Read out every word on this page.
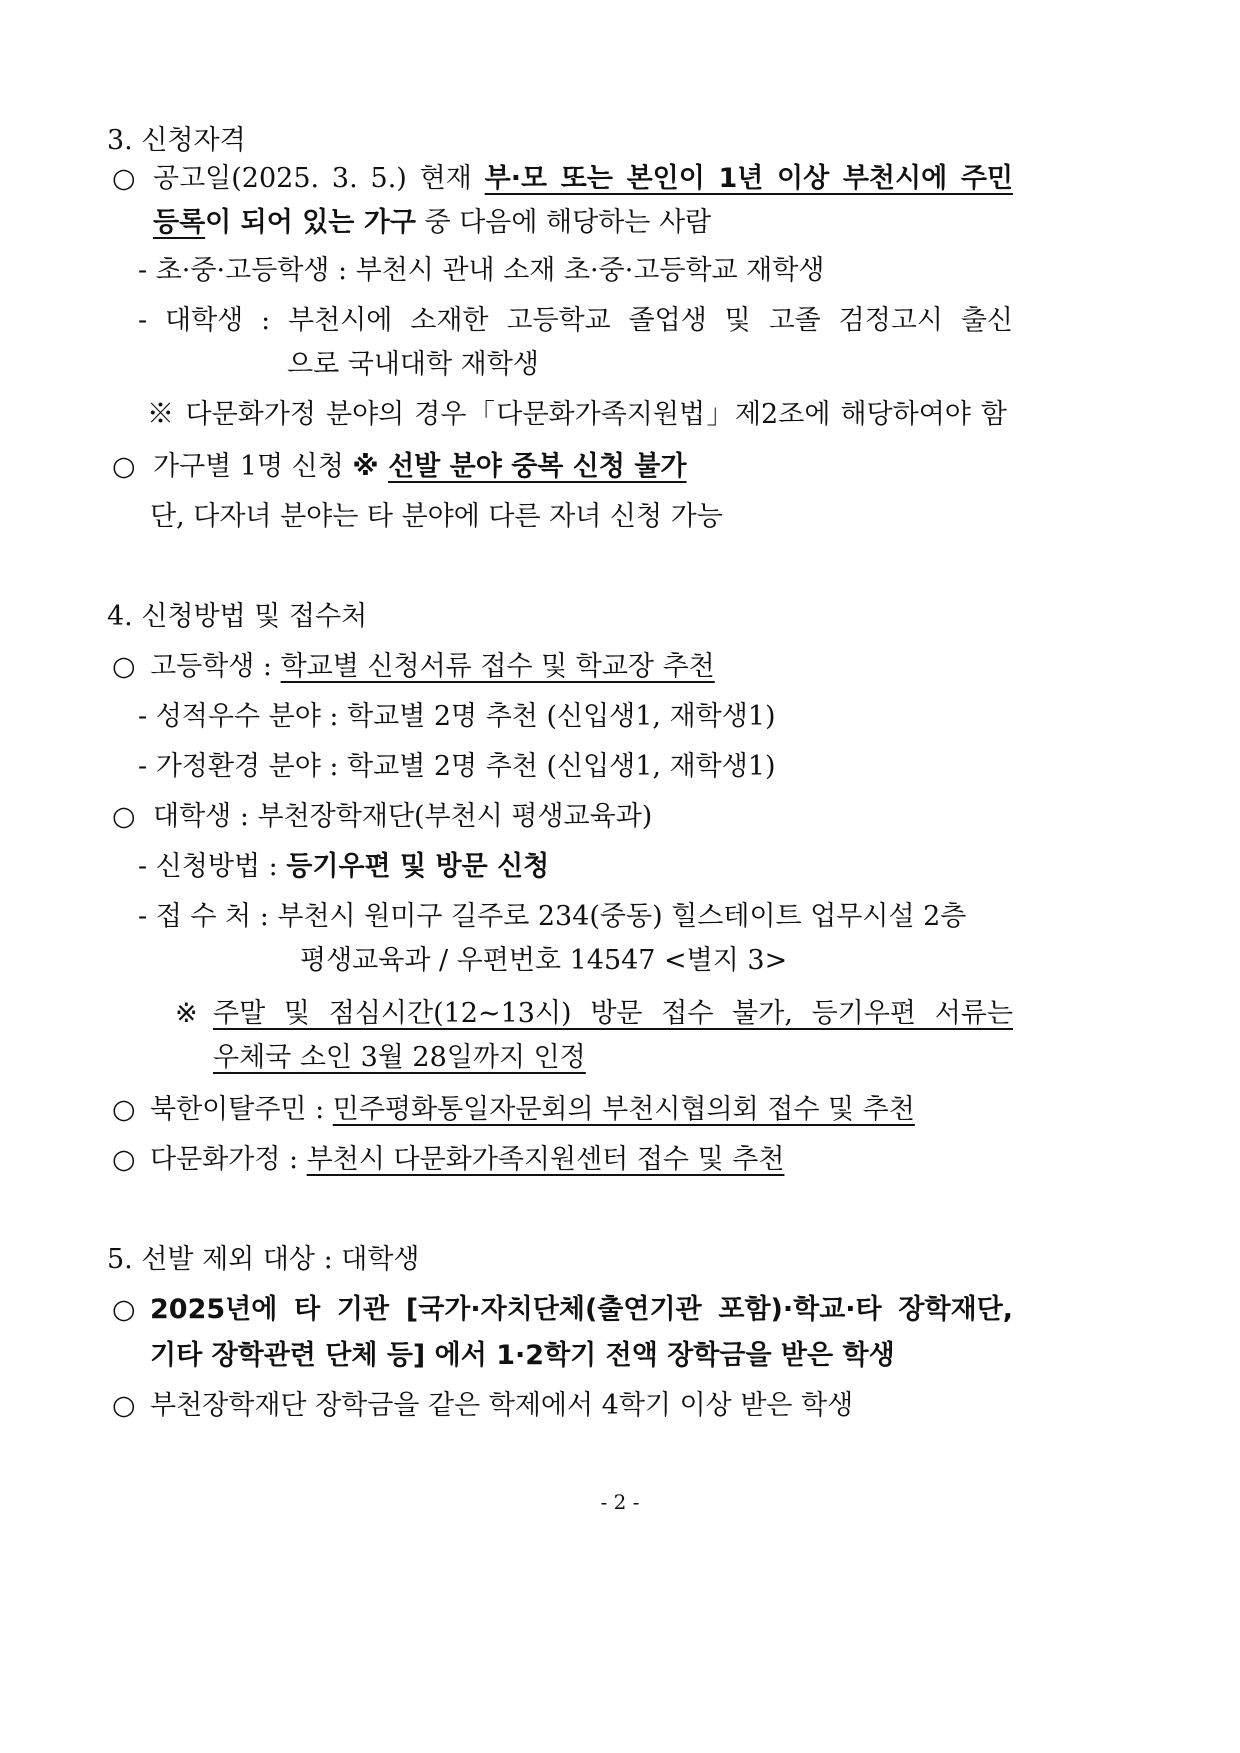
3. 신청자격
○ 공고일(2025. 3. 5.) 현재 부·모 또는 본인이 1년 이상 부천시에 주민
등록이 되어 있는 가구 중 다음에 해당하는 사람
- 초·중·고등학생 : 부천시 관내 소재 초·중·고등학교 재학생
- 대학생 : 부천시에 소재한 고등학교 졸업생 및 고졸 검정고시 출신
으로 국내대학 재학생
※ 다문화가정 분야의 경우「다문화가족지원법」제2조에 해당하여야 함
○ 가구별 1명 신청 ※ 선발 분야 중복 신청 불가
단, 다자녀 분야는 타 분야에 다른 자녀 신청 가능
4. 신청방법 및 접수처
○ 고등학생 : 학교별 신청서류 접수 및 학교장 추천
- 성적우수 분야 : 학교별 2명 추천 (신입생1, 재학생1)
- 가정환경 분야 : 학교별 2명 추천 (신입생1, 재학생1)
○ 대학생 : 부천장학재단(부천시 평생교육과)
- 신청방법 : 등기우편 및 방문 신청
- 접 수 처 : 부천시 원미구 길주로 234(중동) 힐스테이트 업무시설 2층
평생교육과 / 우편번호 14547 <별지 3>
※ 주말 및 점심시간(12~13시) 방문 접수 불가, 등기우편 서류는
우체국 소인 3월 28일까지 인정
○ 북한이탈주민 : 민주평화통일자문회의 부천시협의회 접수 및 추천
○ 다문화가정 : 부천시 다문화가족지원센터 접수 및 추천
5. 선발 제외 대상 : 대학생
○ 2025년에 타 기관 [국가·자치단체(출연기관 포함)·학교·타 장학재단,
기타 장학관련 단체 등] 에서 1·2학기 전액 장학금을 받은 학생
○ 부천장학재단 장학금을 같은 학제에서 4학기 이상 받은 학생
- 2 -
